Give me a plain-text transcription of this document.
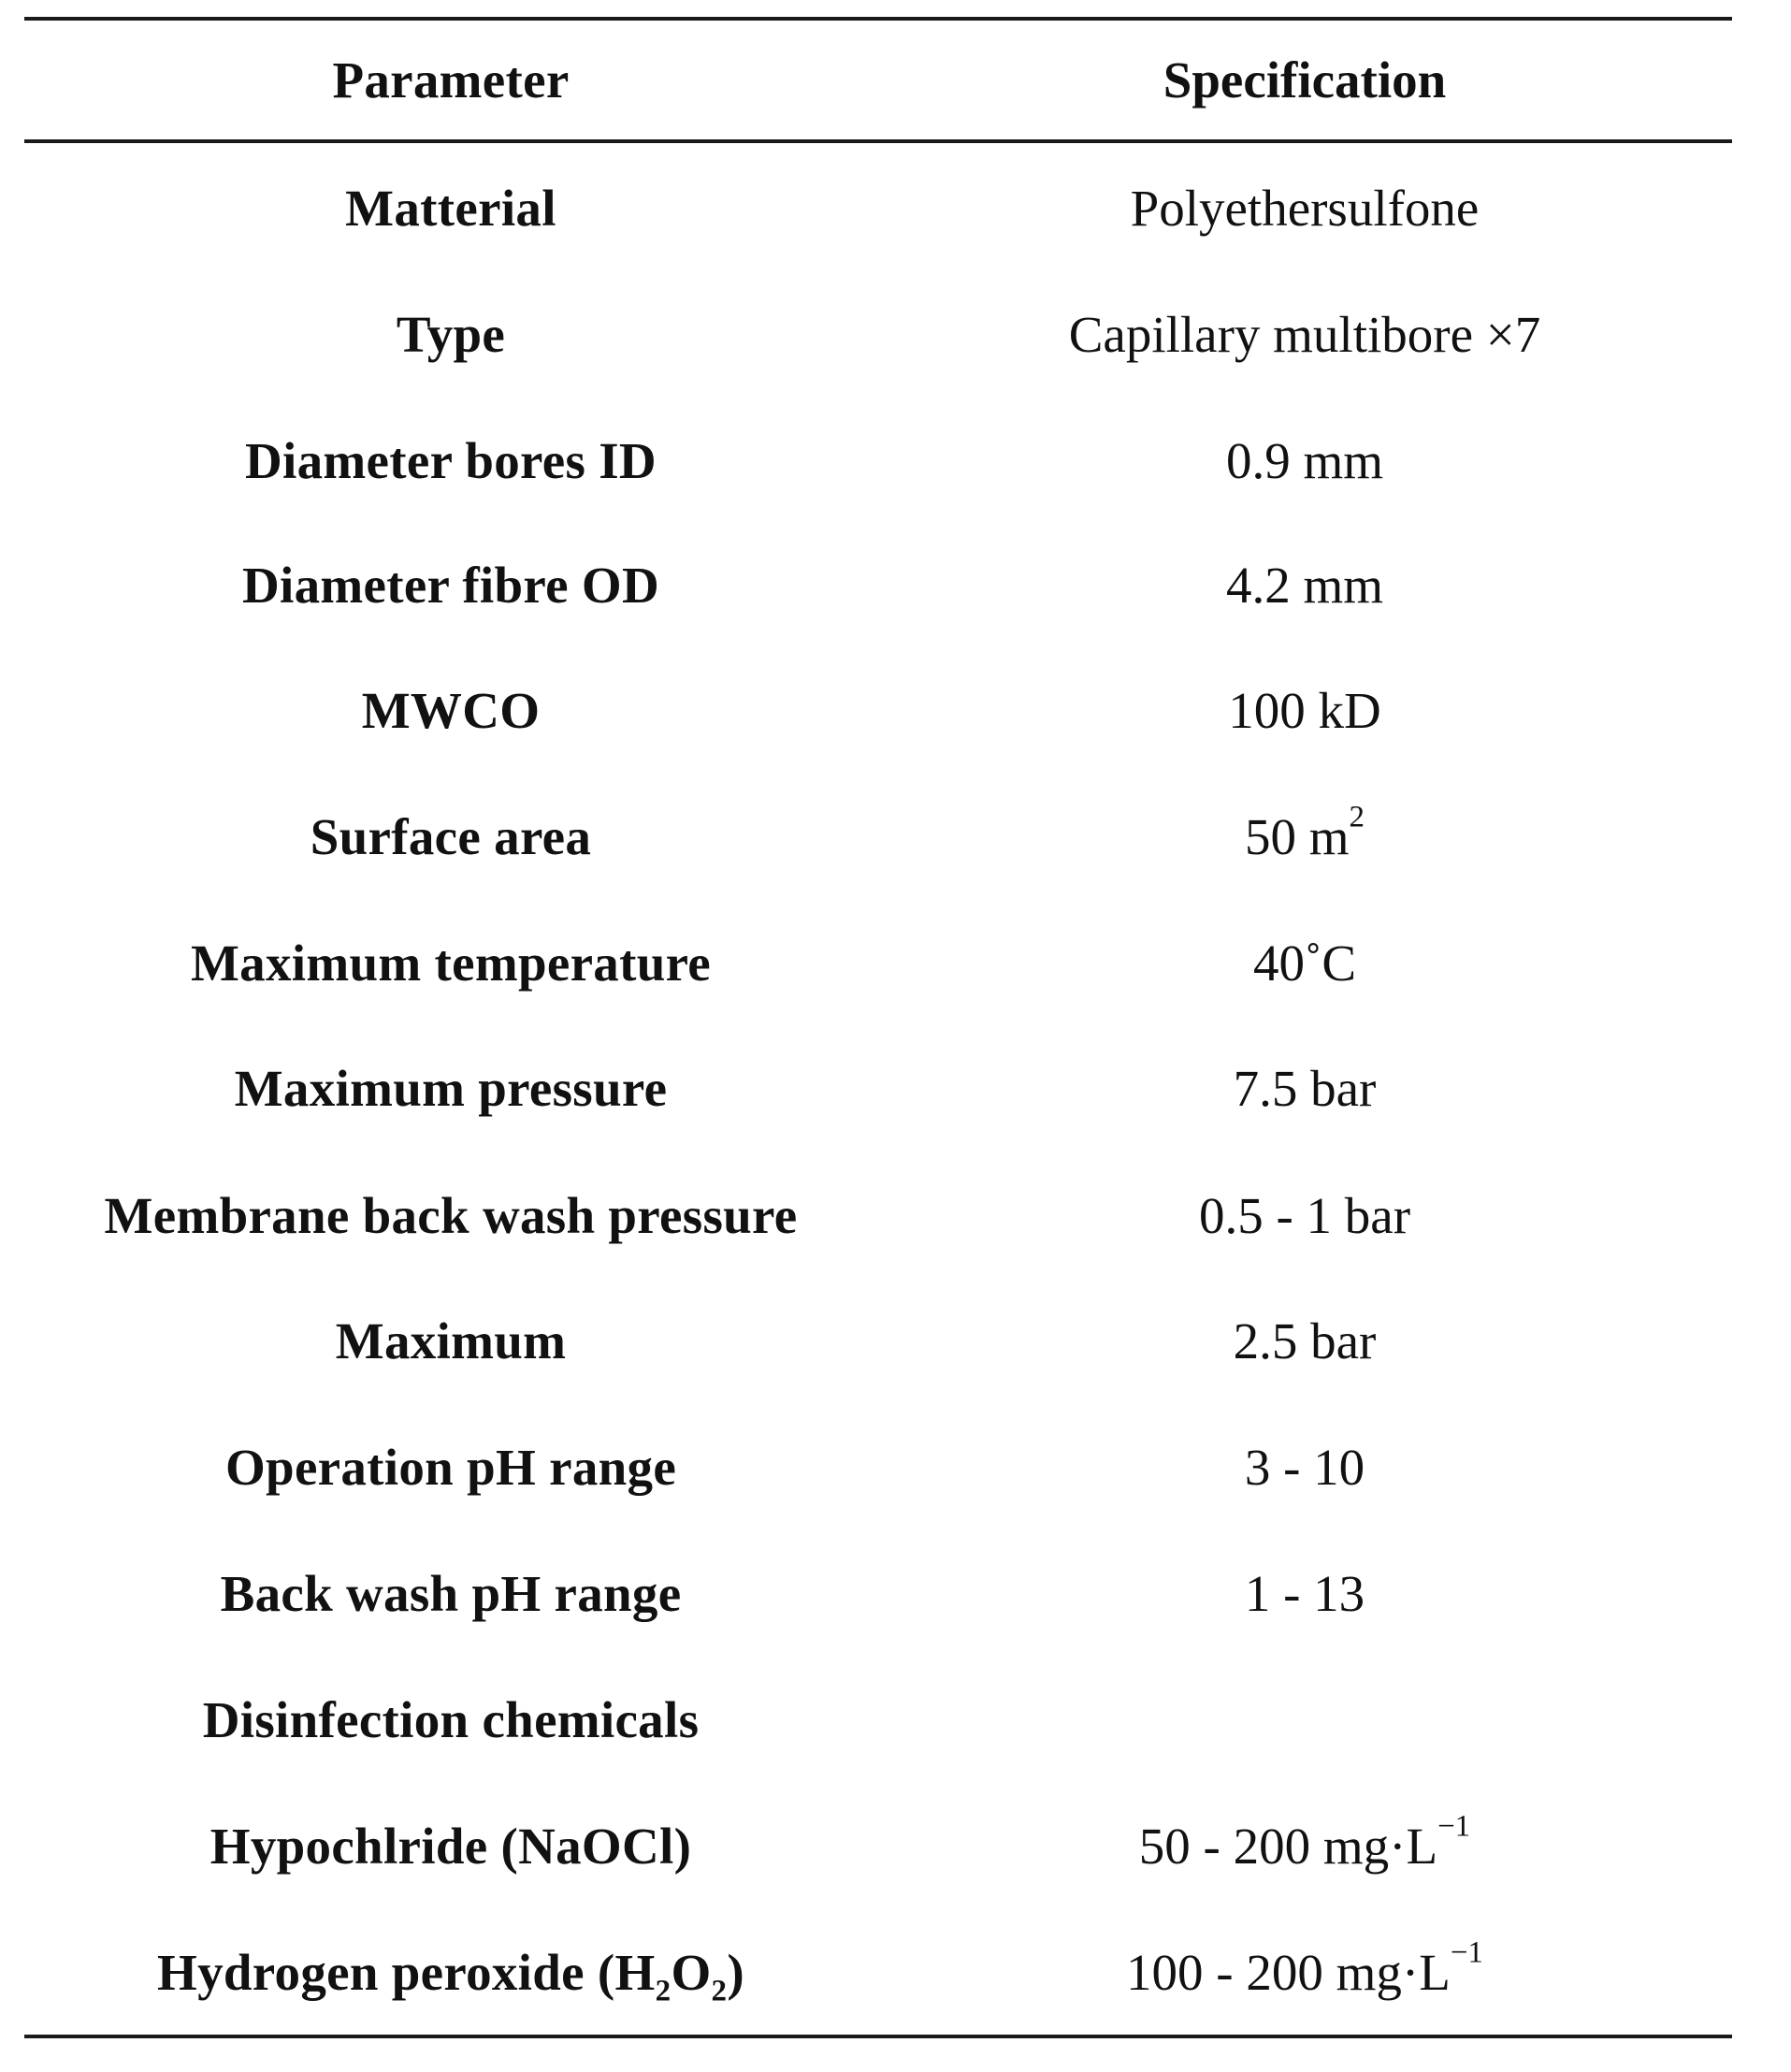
Parameter	Specification
Matterial	Polyethersulfone
Type	Capillary multibore ×7
Diameter bores ID	0.9 mm
Diameter fibre OD	4.2 mm
MWCO	100 kD
Surface area	50 $m^2$
Maximum temperature	40˚C
Maximum pressure	7.5 bar
Membrane back wash pressure	0.5 - 1 bar
Maximum	2.5 bar
Operation pH range	3 - 10
Back wash pH range	1 - 13
Disinfection chemicals
Hypochlride (NaOCl)	50 - 200 $mg\cdot L^{-1}$
Hydrogen peroxide $(H_2O_2)$	100 - 200 $mg\cdot L^{-1}$
